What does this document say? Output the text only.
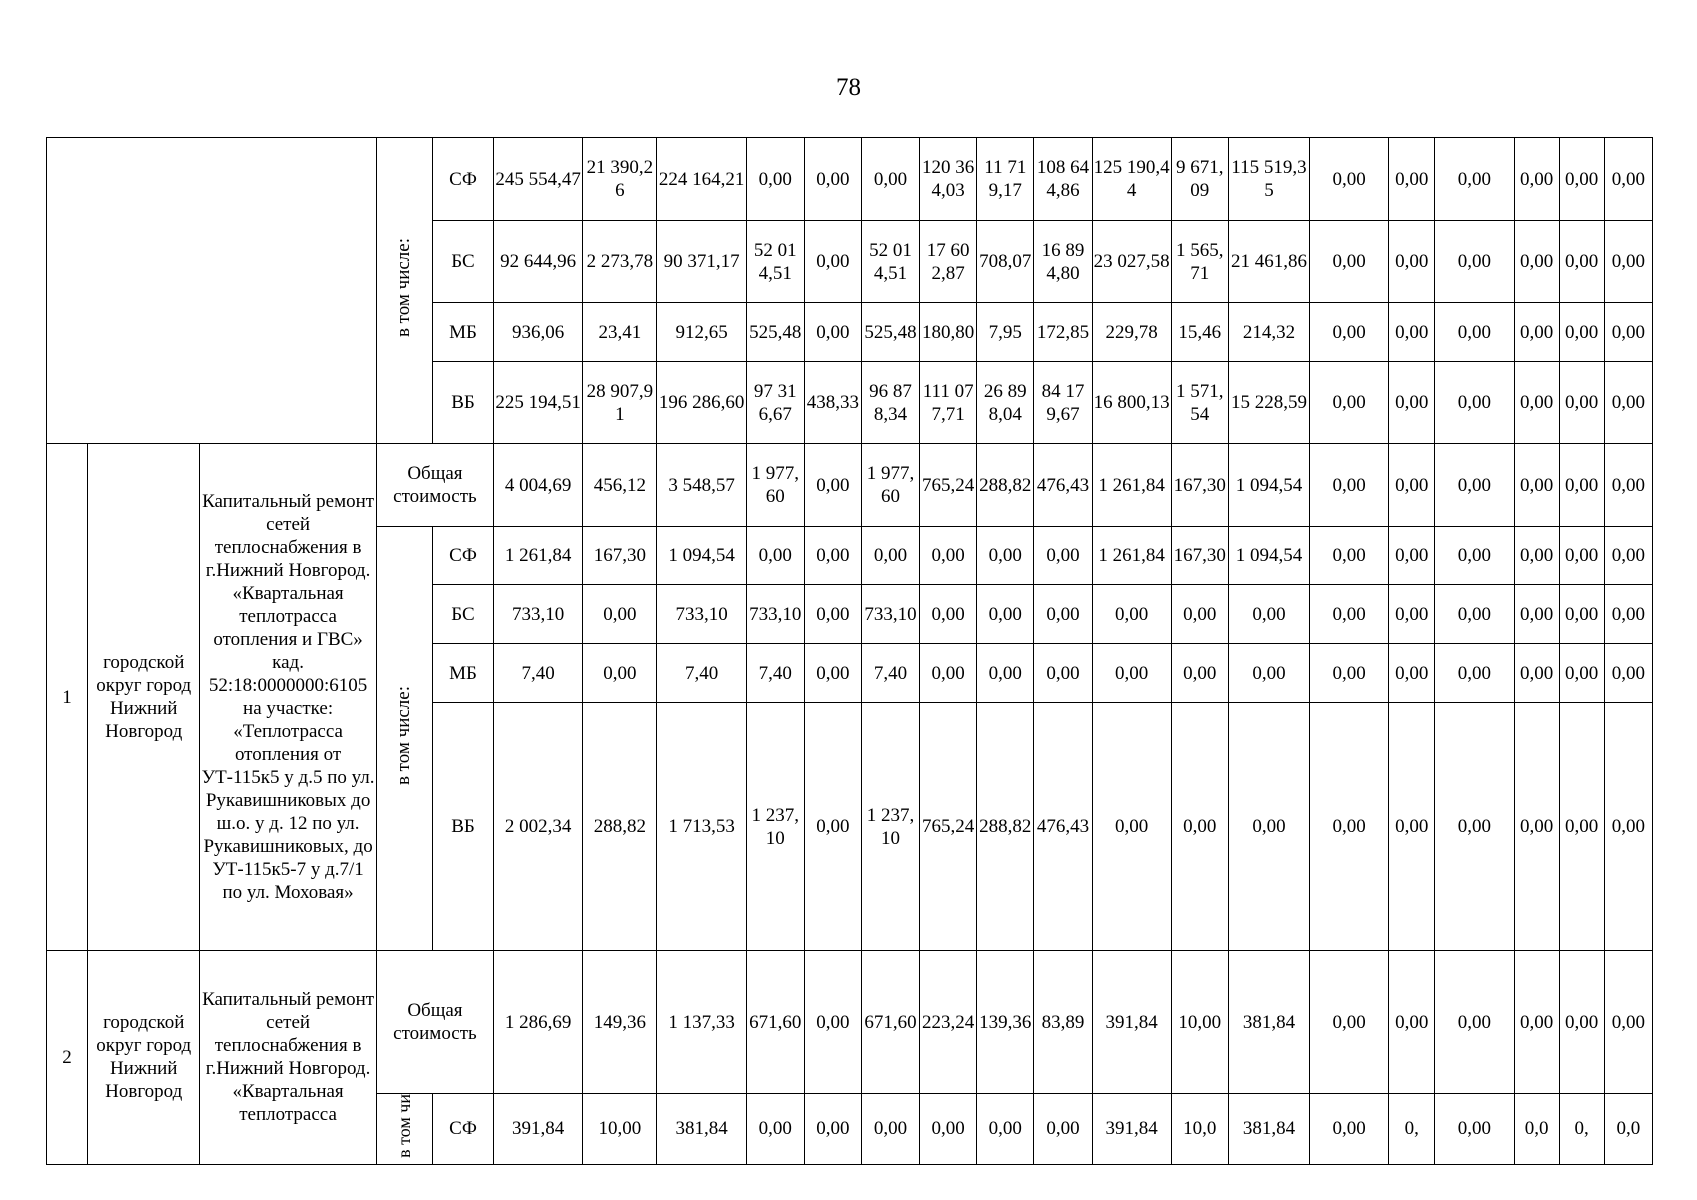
78
			в том числе:	СФ	245 554,47	21 390,26	224 164,21	0,00	0,00	0,00	120 364,03	11 719,17	108 644,86	125 190,44	9 671,09	115 519,35	0,00	0,00	0,00	0,00	0,00	0,00
				БС	92 644,96	2 273,78	90 371,17	52 014,51	0,00	52 014,51	17 602,87	708,07	16 894,80	23 027,58	1 565,71	21 461,86	0,00	0,00	0,00	0,00	0,00	0,00
				МБ	936,06	23,41	912,65	525,48	0,00	525,48	180,80	7,95	172,85	229,78	15,46	214,32	0,00	0,00	0,00	0,00	0,00	0,00
				ВБ	225 194,51	28 907,91	196 286,60	97 316,67	438,33	96 878,34	111 077,71	26 898,04	84 179,67	16 800,13	1 571,54	15 228,59	0,00	0,00	0,00	0,00	0,00	0,00
1	городской округ город Нижний Новгород	Капитальный ремонт сетей теплоснабжения в г.Нижний Новгород. «Квартальная теплотрасса отопления и ГВС» кад. 52:18:0000000:6105 на участке: «Теплотрасса отопления от УТ-115к5 у д.5 по ул. Рукавишниковых до ш.о. у д. 12 по ул. Рукавишниковых, до УТ-115к5-7 у д.7/1 по ул. Моховая»	Общая стоимость		4 004,69	456,12	3 548,57	1 977,60	0,00	1 977,60	765,24	288,82	476,43	1 261,84	167,30	1 094,54	0,00	0,00	0,00	0,00	0,00	0,00
			в том числе:	СФ	1 261,84	167,30	1 094,54	0,00	0,00	0,00	0,00	0,00	0,00	1 261,84	167,30	1 094,54	0,00	0,00	0,00	0,00	0,00	0,00
				БС	733,10	0,00	733,10	733,10	0,00	733,10	0,00	0,00	0,00	0,00	0,00	0,00	0,00	0,00	0,00	0,00	0,00	0,00
				МБ	7,40	0,00	7,40	7,40	0,00	7,40	0,00	0,00	0,00	0,00	0,00	0,00	0,00	0,00	0,00	0,00	0,00	0,00
				ВБ	2 002,34	288,82	1 713,53	1 237,10	0,00	1 237,10	765,24	288,82	476,43	0,00	0,00	0,00	0,00	0,00	0,00	0,00	0,00	0,00
2	городской округ город Нижний Новгород	Капитальный ремонт сетей теплоснабжения в г.Нижний Новгород. «Квартальная теплотрасса	Общая стоимость		1 286,69	149,36	1 137,33	671,60	0,00	671,60	223,24	139,36	83,89	391,84	10,00	381,84	0,00	0,00	0,00	0,00	0,00	0,00
			в том чи	СФ	391,84	10,00	381,84	0,00	0,00	0,00	0,00	0,00	0,00	391,84	10,0	381,84	0,00	0,	0,00	0,0	0,	0,0
